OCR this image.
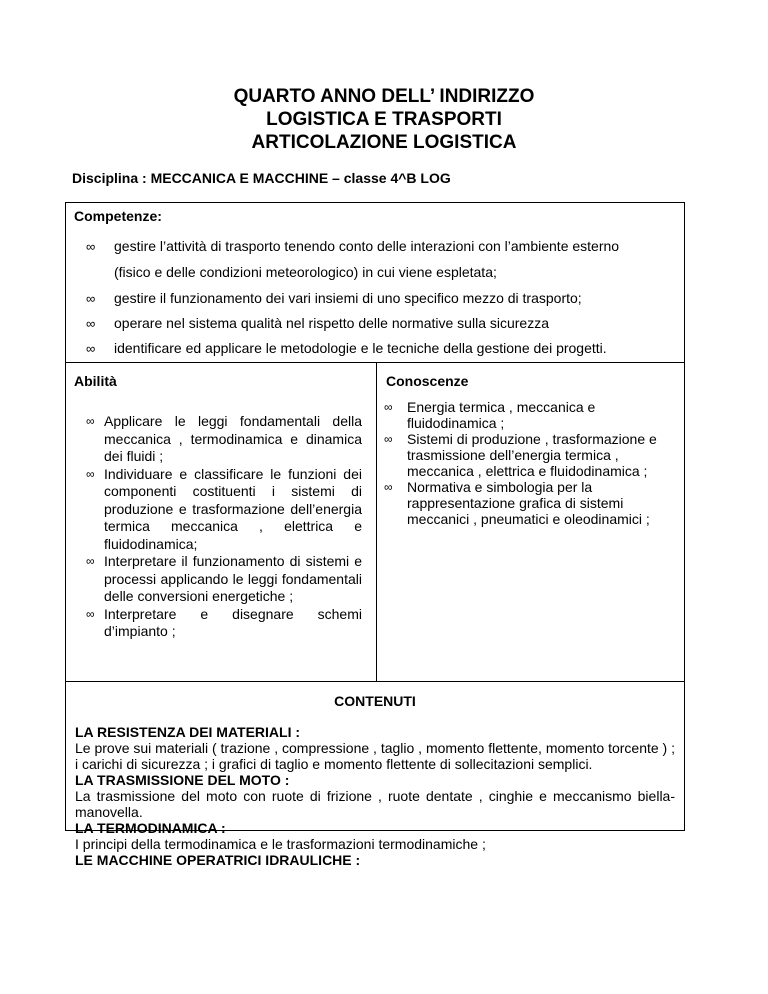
QUARTO ANNO DELL’ INDIRIZZO
LOGISTICA E TRASPORTI
ARTICOLAZIONE LOGISTICA
Disciplina : MECCANICA E MACCHINE – classe 4^B LOG
Competenze:
∞ gestire l’attività di trasporto tenendo conto delle interazioni con l’ambiente esterno
(fisico e delle condizioni meteorologico) in cui viene espletata;
∞ gestire il funzionamento dei vari insiemi di uno specifico mezzo di trasporto;
∞ operare nel sistema qualità nel rispetto delle normative sulla sicurezza
∞ identificare ed applicare le metodologie e le tecniche della gestione dei progetti.
Abilità	Conoscenze
∞ Applicare le leggi fondamentali della meccanica , termodinamica e dinamica dei fluidi ;
∞ Individuare e classificare le funzioni dei componenti costituenti i sistemi di produzione e trasformazione dell’energia termica meccanica , elettrica e fluidodinamica;
∞ Interpretare il funzionamento di sistemi e processi applicando le leggi fondamentali delle conversioni energetiche ;
∞ Interpretare e disegnare schemi d’impianto ;
∞ Energia termica , meccanica e fluidodinamica ;
∞ Sistemi di produzione , trasformazione e trasmissione dell’energia termica , meccanica , elettrica e fluidodinamica ;
∞ Normativa e simbologia per la rappresentazione grafica di sistemi meccanici , pneumatici e oleodinamici ;
CONTENUTI
LA RESISTENZA DEI MATERIALI :
Le prove sui materiali ( trazione , compressione , taglio , momento flettente, momento torcente ) ; i carichi di sicurezza ; i grafici di taglio e momento flettente di sollecitazioni semplici.
LA TRASMISSIONE DEL MOTO :
La trasmissione del moto con ruote di frizione , ruote dentate , cinghie e meccanismo biella-manovella.
LA TERMODINAMICA :
I principi della termodinamica e le trasformazioni termodinamiche ;
LE MACCHINE OPERATRICI IDRAULICHE :
